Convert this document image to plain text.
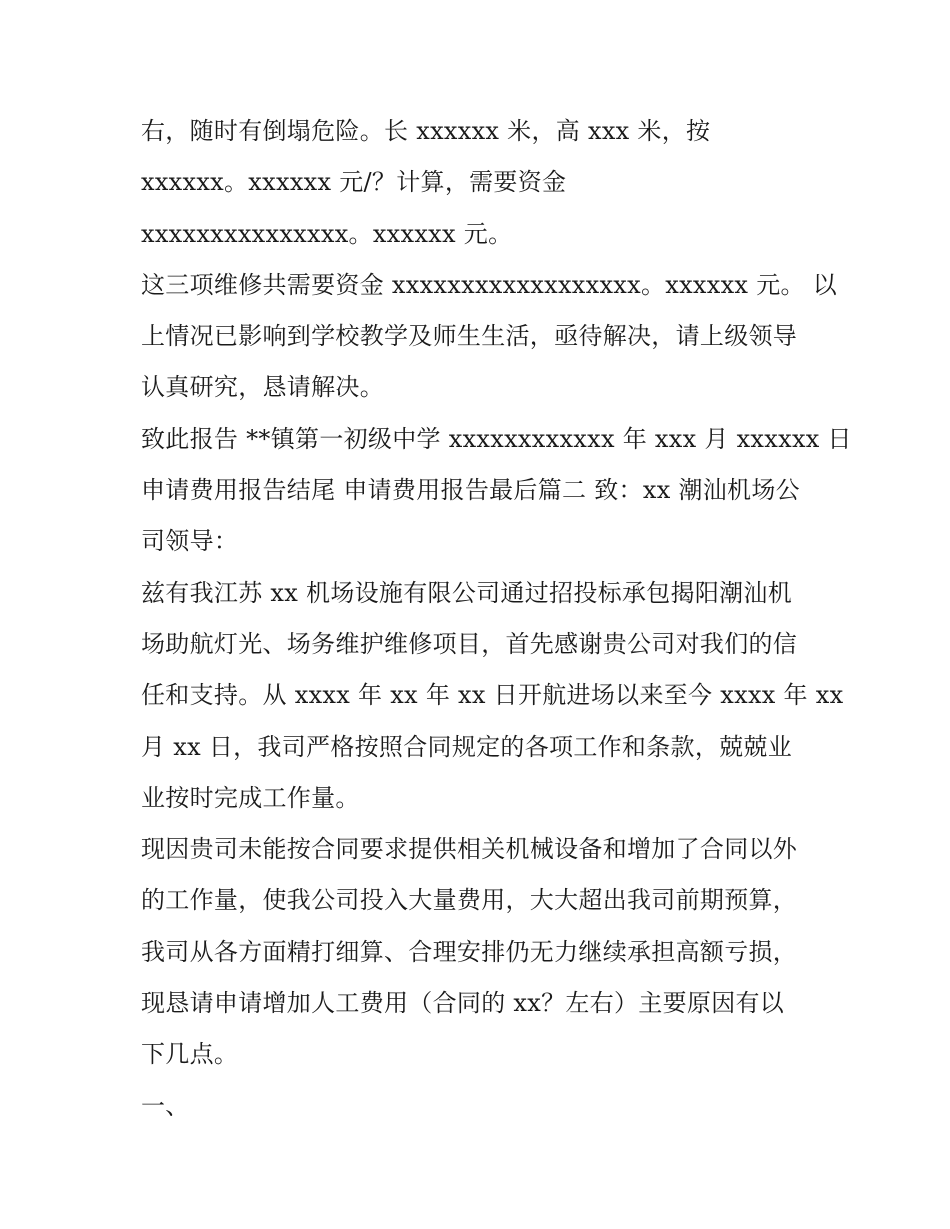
右，随时有倒塌危险。长 xxxxxx 米，高 xxx 米，按

xxxxxx。xxxxxx 元/？计算，需要资金

xxxxxxxxxxxxxxx。xxxxxx 元。

这三项维修共需要资金 xxxxxxxxxxxxxxxxxx。xxxxxx 元。 以

上情况已影响到学校教学及师生生活，亟待解决，请上级领导

认真研究，恳请解决。

致此报告 **镇第一初级中学 xxxxxxxxxxxx 年 xxx 月 xxxxxx 日

申请费用报告结尾 申请费用报告最后篇二 致：xx 潮汕机场公

司领导：

兹有我江苏 xx 机场设施有限公司通过招投标承包揭阳潮汕机

场助航灯光、场务维护维修项目，首先感谢贵公司对我们的信

任和支持。从 xxxx 年 xx 年 xx 日开航进场以来至今 xxxx 年 xx

月 xx 日，我司严格按照合同规定的各项工作和条款，兢兢业

业按时完成工作量。

现因贵司未能按合同要求提供相关机械设备和增加了合同以外

的工作量，使我公司投入大量费用，大大超出我司前期预算，

我司从各方面精打细算、合理安排仍无力继续承担高额亏损，

现恳请申请增加人工费用（合同的 xx？左右）主要原因有以

下几点。

一、
